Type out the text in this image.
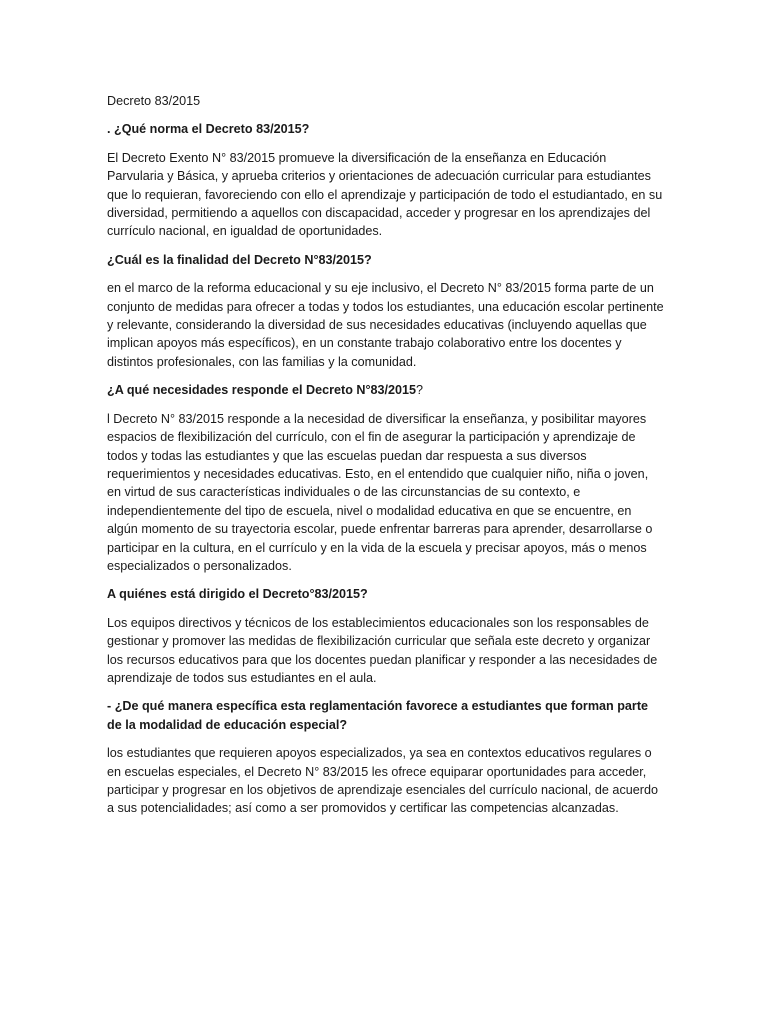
Decreto 83/2015

. ¿Qué norma el Decreto 83/2015?

El Decreto Exento N° 83/2015 promueve la diversificación de la enseñanza en Educación Parvularia y Básica, y aprueba criterios y orientaciones de adecuación curricular para estudiantes que lo requieran, favoreciendo con ello el aprendizaje y participación de todo el estudiantado, en su diversidad, permitiendo a aquellos con discapacidad, acceder y progresar en los aprendizajes del currículo nacional, en igualdad de oportunidades.

¿Cuál es la finalidad del Decreto N°83/2015?

en el marco de la reforma educacional y su eje inclusivo, el Decreto N° 83/2015 forma parte de un conjunto de medidas para ofrecer a todas y todos los estudiantes, una educación escolar pertinente y relevante, considerando la diversidad de sus necesidades educativas (incluyendo aquellas que implican apoyos más específicos), en un constante trabajo colaborativo entre los docentes y distintos profesionales, con las familias y la comunidad.

¿A qué necesidades responde el Decreto N°83/2015?

l Decreto N° 83/2015 responde a la necesidad de diversificar la enseñanza, y posibilitar mayores espacios de flexibilización del currículo, con el fin de asegurar la participación y aprendizaje de todos y todas las estudiantes y que las escuelas puedan dar respuesta a sus diversos requerimientos y necesidades educativas. Esto, en el entendido que cualquier niño, niña o joven, en virtud de sus características individuales o de las circunstancias de su contexto, e independientemente del tipo de escuela, nivel o modalidad educativa en que se encuentre, en algún momento de su trayectoria escolar, puede enfrentar barreras para aprender, desarrollarse o participar en la cultura, en el currículo y en la vida de la escuela y precisar apoyos, más o menos especializados o personalizados.

A quiénes está dirigido el Decreto°83/2015?

Los equipos directivos y técnicos de los establecimientos educacionales son los responsables de gestionar y promover las medidas de flexibilización curricular que señala este decreto y organizar los recursos educativos para que los docentes puedan planificar y responder a las necesidades de aprendizaje de todos sus estudiantes en el aula.

- ¿De qué manera específica esta reglamentación favorece a estudiantes que forman parte de la modalidad de educación especial?

los estudiantes que requieren apoyos especializados, ya sea en contextos educativos regulares o en escuelas especiales, el Decreto N° 83/2015 les ofrece equiparar oportunidades para acceder, participar y progresar en los objetivos de aprendizaje esenciales del currículo nacional, de acuerdo a sus potencialidades; así como a ser promovidos y certificar las competencias alcanzadas.
